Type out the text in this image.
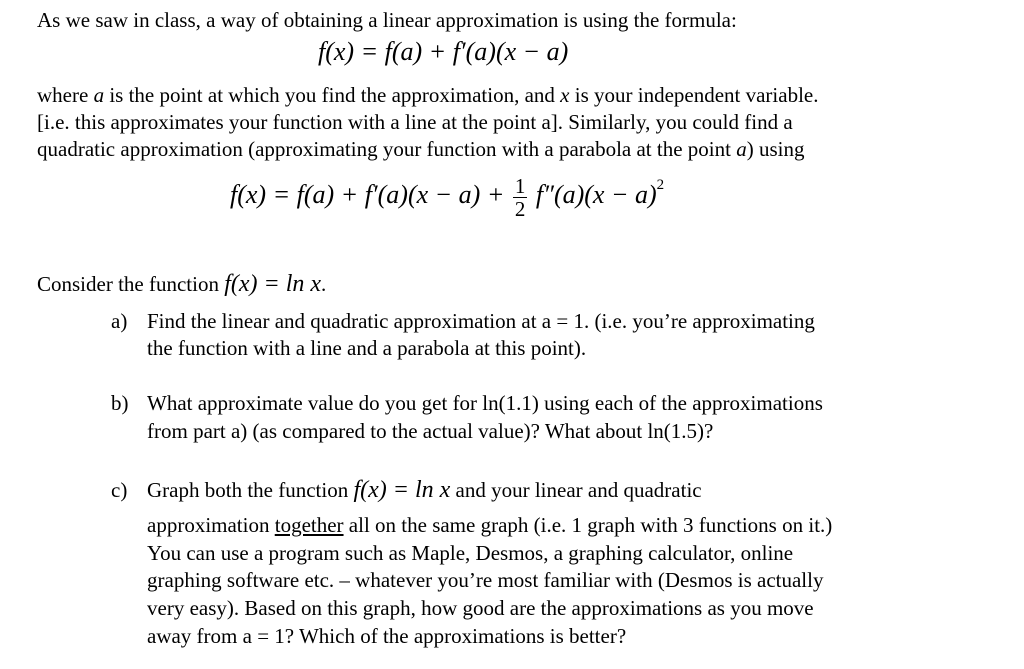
As we saw in class, a way of obtaining a linear approximation is using the formula:
f(x) = f(a) + f′(a)(x − a)
where a is the point at which you find the approximation, and x is your independent variable.
[i.e. this approximates your function with a line at the point a]. Similarly, you could find a
quadratic approximation (approximating your function with a parabola at the point a) using
$f(x) = f(a) + f'(a)(x - a) + \frac{1}{2} f''(a)(x - a)^2$
Consider the function f(x) = ln x.
a) Find the linear and quadratic approximation at a = 1. (i.e. you’re approximating
the function with a line and a parabola at this point).
b) What approximate value do you get for ln(1.1) using each of the approximations
from part a) (as compared to the actual value)? What about ln(1.5)?
c) Graph both the function f(x) = ln x and your linear and quadratic
approximation together all on the same graph (i.e. 1 graph with 3 functions on it.)
You can use a program such as Maple, Desmos, a graphing calculator, online
graphing software etc. – whatever you’re most familiar with (Desmos is actually
very easy). Based on this graph, how good are the approximations as you move
away from a = 1? Which of the approximations is better?
